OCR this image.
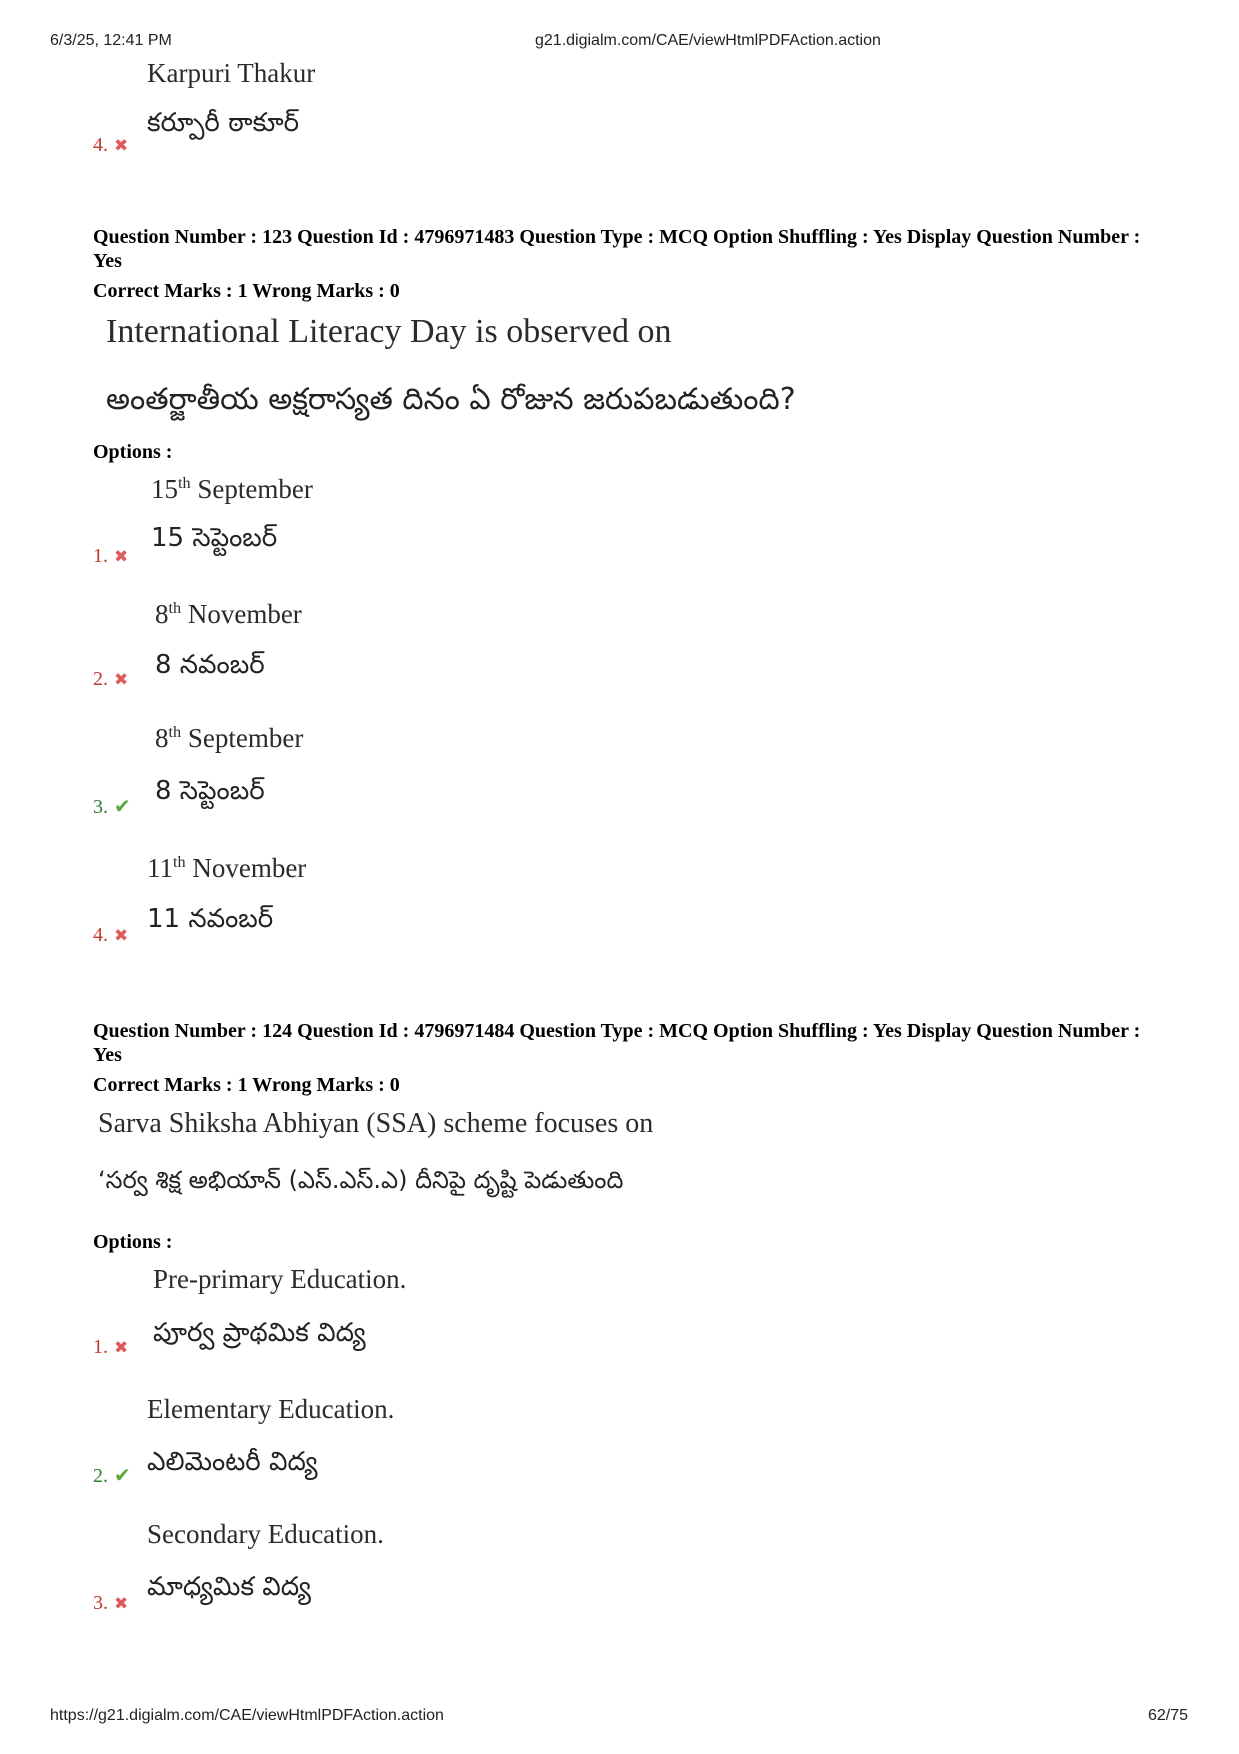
6/3/25, 12:41 PM	g21.digialm.com/CAE/viewHtmlPDFAction.action
Karpuri Thakur
కర్పూరీ ఠాకూర్
4. ✖
Question Number : 123 Question Id : 4796971483 Question Type : MCQ Option Shuffling : Yes Display Question Number : Yes
Correct Marks : 1 Wrong Marks : 0
International Literacy Day is observed on
అంతర్జాతీయ అక్షరాస్యత దినం ఏ రోజున జరుపబడుతుంది?
Options :
15th September
15 సెప్టెంబర్
1. ✖
8th November
8 నవంబర్
2. ✖
8th September
8 సెప్టెంబర్
3. ✔
11th November
11 నవంబర్
4. ✖
Question Number : 124 Question Id : 4796971484 Question Type : MCQ Option Shuffling : Yes Display Question Number : Yes
Correct Marks : 1 Wrong Marks : 0
Sarva Shiksha Abhiyan (SSA) scheme focuses on
‘సర్వ శిక్ష అభియాన్ (ఎస్.ఎస్.ఎ) దీనిపై దృష్టి పెడుతుంది
Options :
Pre-primary Education.
పూర్వ ప్రాథమిక విద్య
1. ✖
Elementary Education.
ఎలిమెంటరీ విద్య
2. ✔
Secondary Education.
మాధ్యమిక విద్య
3. ✖
https://g21.digialm.com/CAE/viewHtmlPDFAction.action	62/75
